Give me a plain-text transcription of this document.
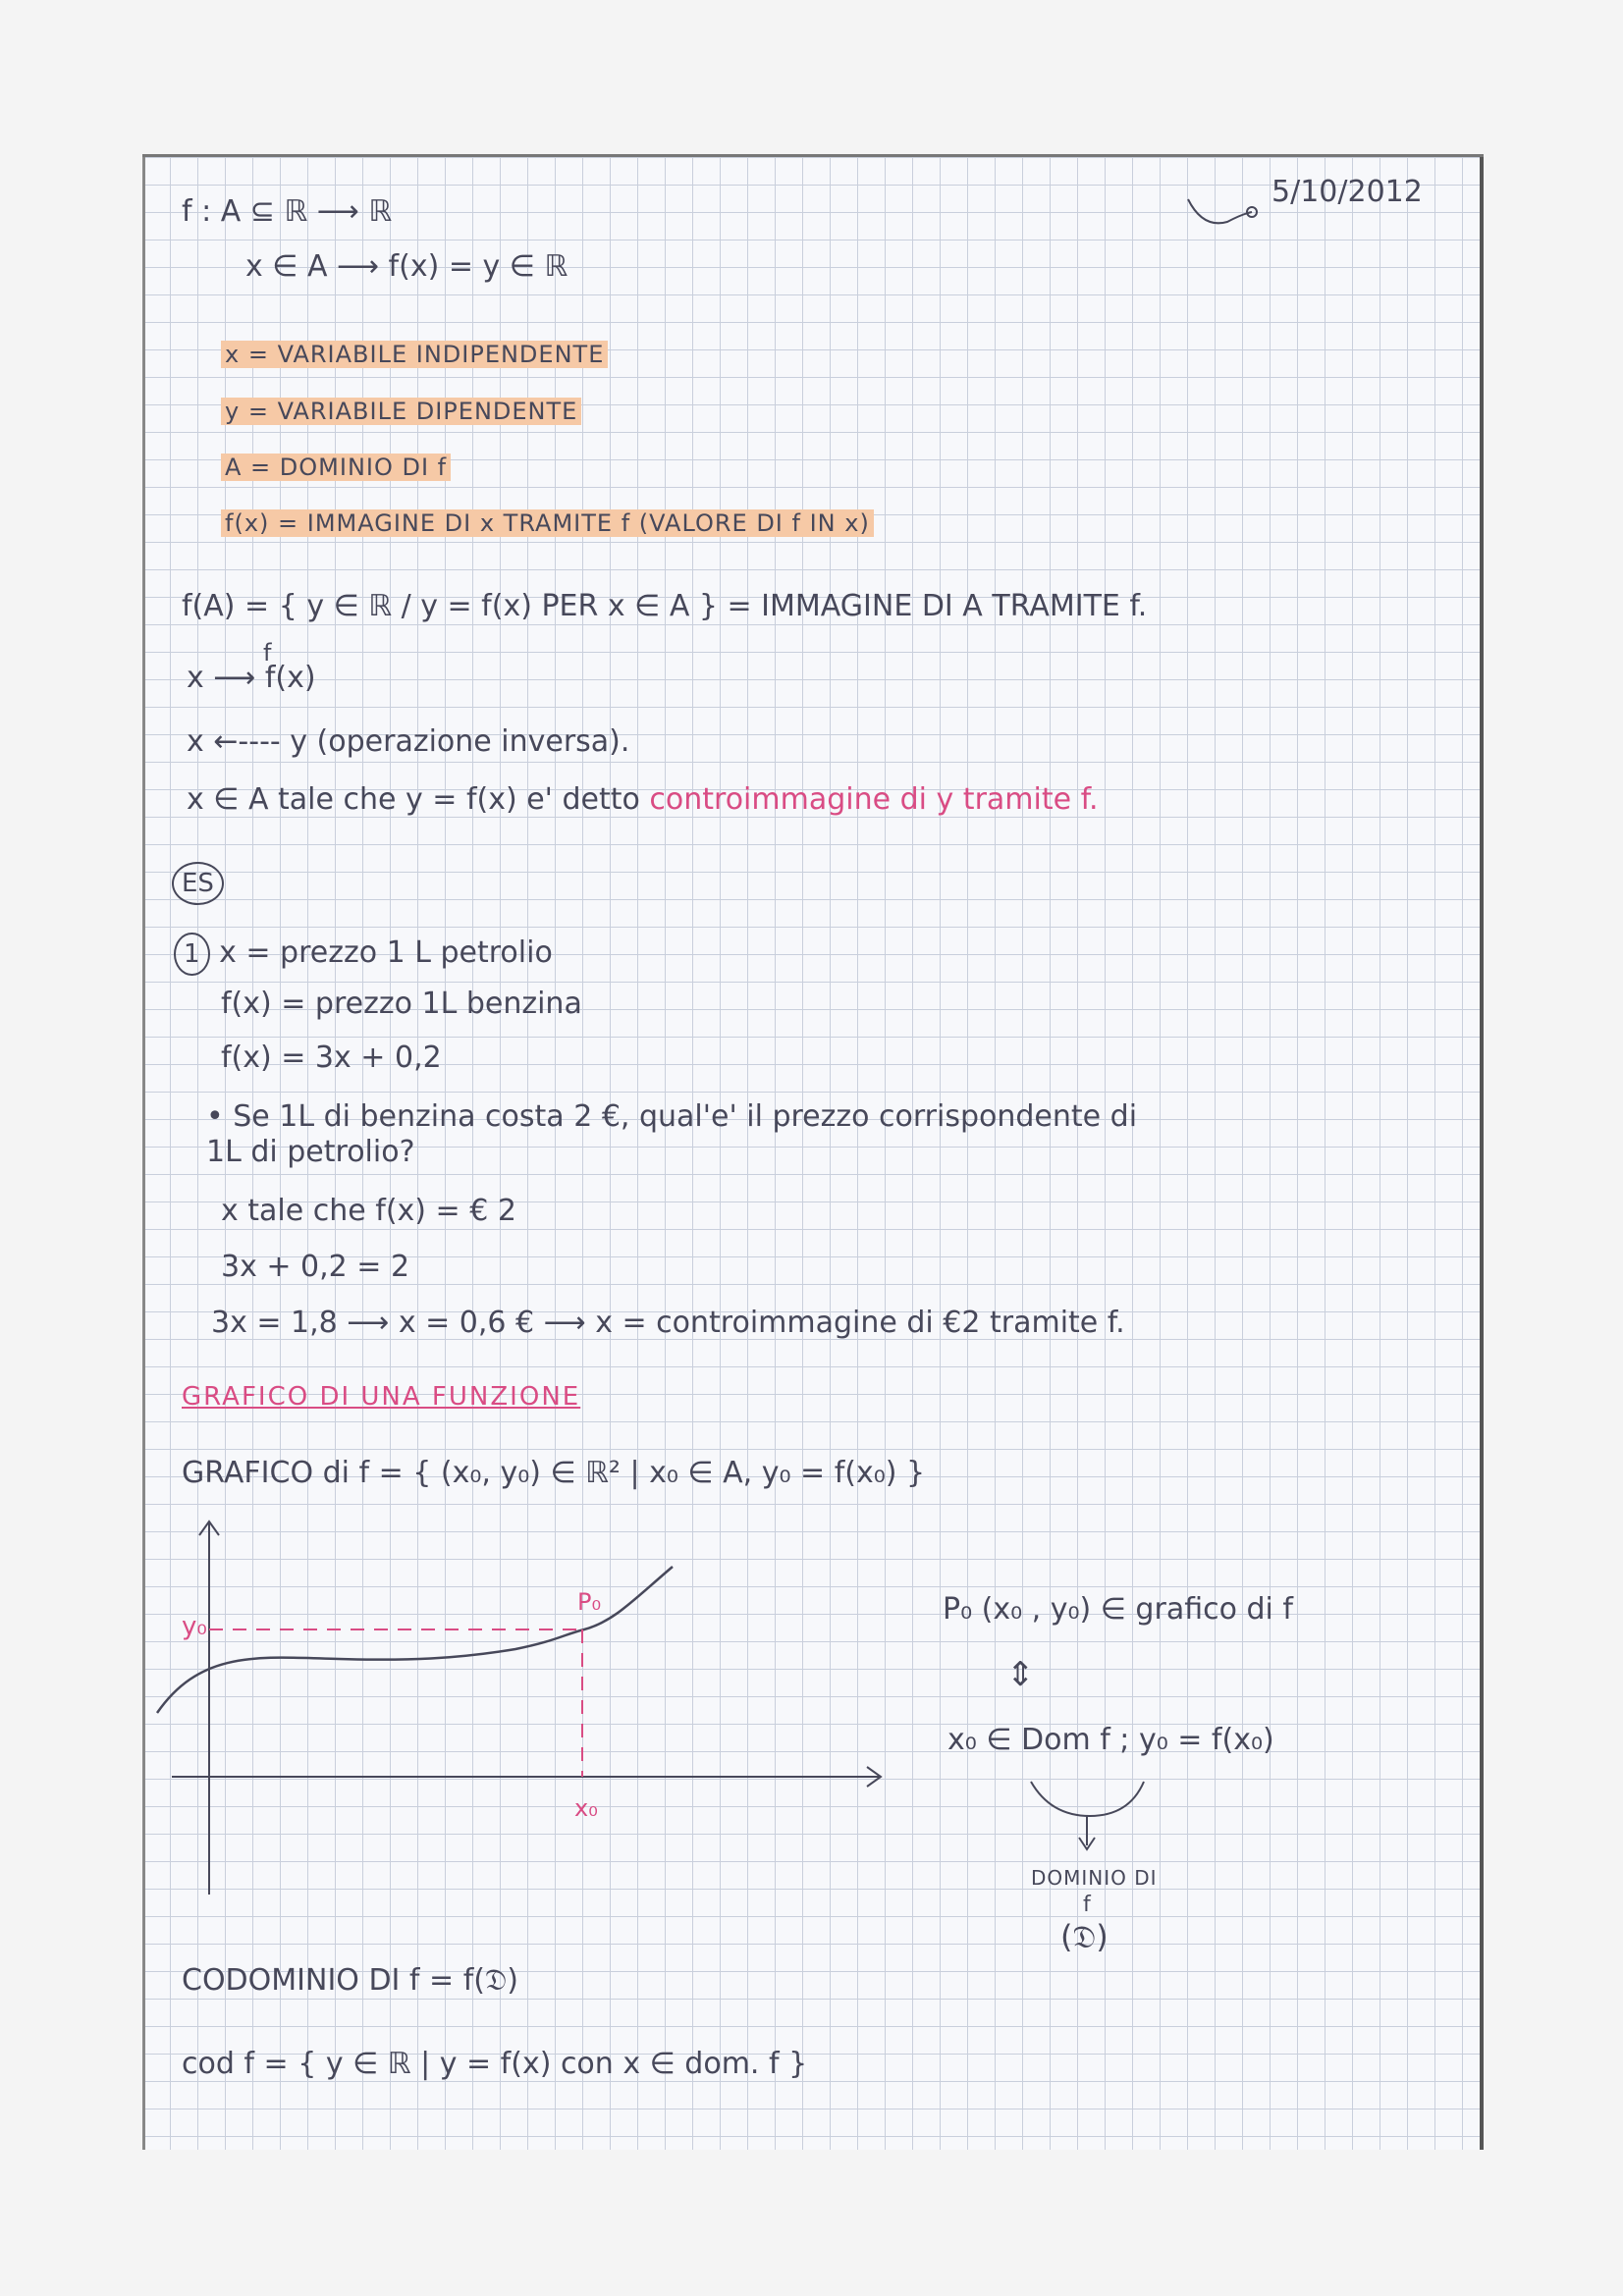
5/10/2012
f : A ⊆ ℝ ⟶ ℝ
x ∈ A ⟶ f(x) = y ∈ ℝ
x = VARIABILE INDIPENDENTE
y = VARIABILE DIPENDENTE
A = DOMINIO DI f
f(x) = IMMAGINE DI x TRAMITE f (VALORE DI f IN x)
f(A) = { y ∈ ℝ / y = f(x) PER x ∈ A } = IMMAGINE DI A TRAMITE f.
f
x ⟶ f(x)
x ←---- y (operazione inversa).
x ∈ A tale che y = f(x) e' detto controimmagine di y tramite f.
ES
1 x = prezzo 1 L petrolio
f(x) = prezzo 1L benzina
f(x) = 3x + 0,2
• Se 1L di benzina costa 2 €, qual'e' il prezzo corrispondente di
1L di petrolio?
x tale che f(x) = € 2
3x + 0,2 = 2
3x = 1,8 ⟶ x = 0,6 € ⟶ x = controimmagine di €2 tramite f.
GRAFICO DI UNA FUNZIONE
GRAFICO di f = { (x₀, y₀) ∈ ℝ² | x₀ ∈ A, y₀ = f(x₀) }
y₀
x₀
P₀	P₀ (x₀ , y₀) ∈ grafico di f
⇕
x₀ ∈ Dom f ; y₀ = f(x₀)
DOMINIO DI
f
(𝔇)
CODOMINIO DI f = f(𝔇)
cod f = { y ∈ ℝ | y = f(x) con x ∈ dom. f }
